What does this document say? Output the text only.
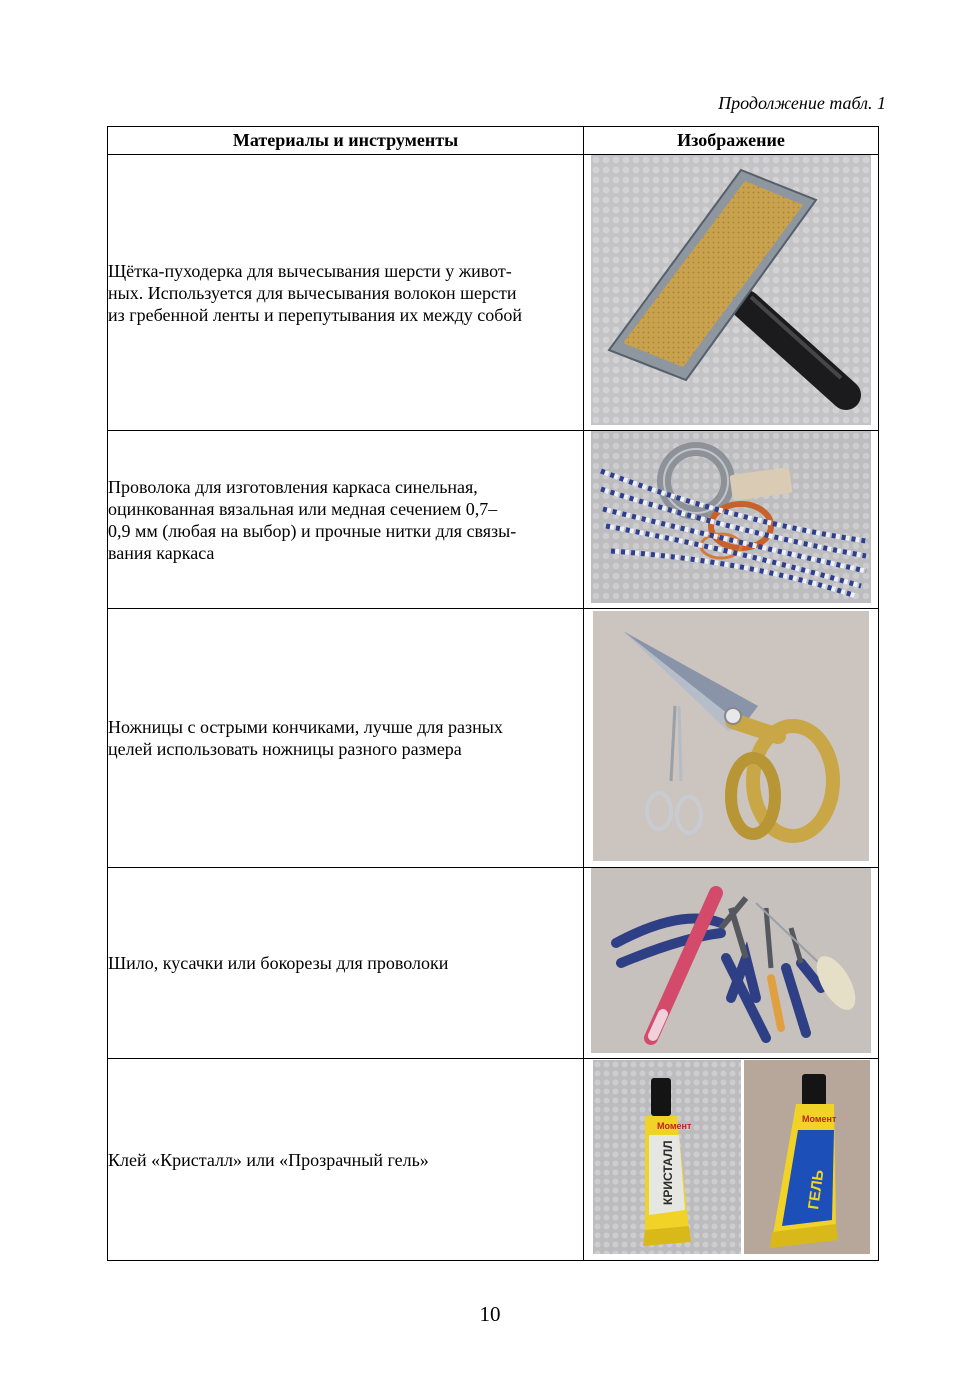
Продолжение табл. 1
Материалы и инструменты	Изображение

Щётка-пуходерка для вычесывания шерсти у живот-
ных. Используется для вычесывания волокон шерсти
из гребенной ленты и перепутывания их между собой

Проволока для изготовления каркаса синельная,
оцинкованная вязальная или медная сечением 0,7–
0,9 мм (любая на выбор) и прочные нитки для связы-
вания каркаса

Ножницы с острыми кончиками, лучше для разных
целей использовать ножницы разного размера

Шило, кусачки или бокорезы для проволоки

Клей «Кристалл» или «Прозрачный гель»	Момент
КРИСТАЛЛ
Момент
ГЕЛЬ
10
